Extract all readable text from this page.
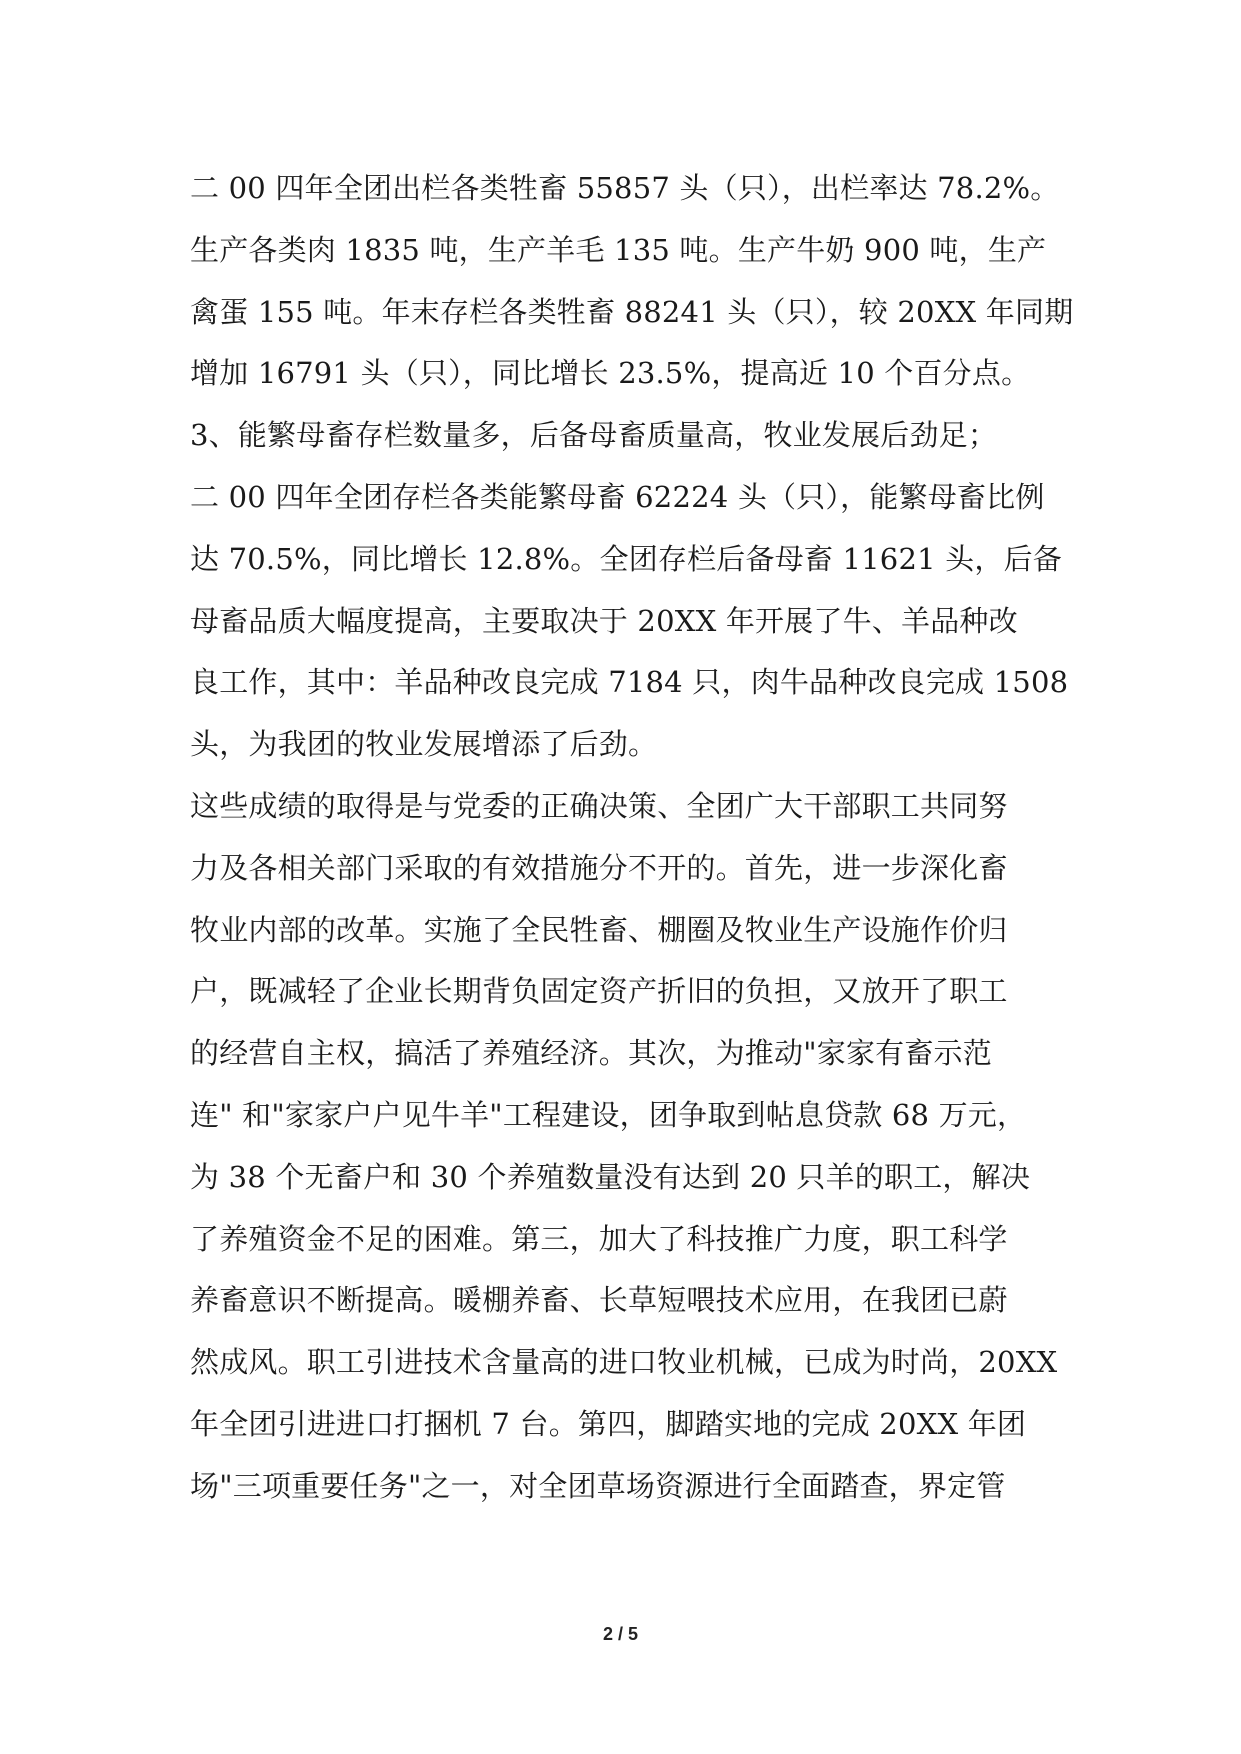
二 00 四年全团出栏各类牲畜 55857 头（只），出栏率达 78.2%。
生产各类肉 1835 吨，生产羊毛 135 吨。生产牛奶 900 吨，生产
禽蛋 155 吨。年末存栏各类牲畜 88241 头（只），较 20XX 年同期
增加 16791 头（只），同比增长 23.5%，提高近 10 个百分点。
3、能繁母畜存栏数量多，后备母畜质量高，牧业发展后劲足；
二 00 四年全团存栏各类能繁母畜 62224 头（只），能繁母畜比例
达 70.5%，同比增长 12.8%。全团存栏后备母畜 11621 头，后备
母畜品质大幅度提高，主要取决于 20XX 年开展了牛、羊品种改
良工作，其中：羊品种改良完成 7184 只，肉牛品种改良完成 1508
头，为我团的牧业发展增添了后劲。
这些成绩的取得是与党委的正确决策、全团广大干部职工共同努
力及各相关部门采取的有效措施分不开的。首先，进一步深化畜
牧业内部的改革。实施了全民牲畜、棚圈及牧业生产设施作价归
户，既减轻了企业长期背负固定资产折旧的负担，又放开了职工
的经营自主权，搞活了养殖经济。其次，为推动"家家有畜示范
连" 和"家家户户见牛羊"工程建设，团争取到帖息贷款 68 万元，
为 38 个无畜户和 30 个养殖数量没有达到 20 只羊的职工，解决
了养殖资金不足的困难。第三，加大了科技推广力度，职工科学
养畜意识不断提高。暖棚养畜、长草短喂技术应用，在我团已蔚
然成风。职工引进技术含量高的进口牧业机械，已成为时尚，20XX
年全团引进进口打捆机 7 台。第四，脚踏实地的完成 20XX 年团
场"三项重要任务"之一，对全团草场资源进行全面踏查，界定管
2 / 5
